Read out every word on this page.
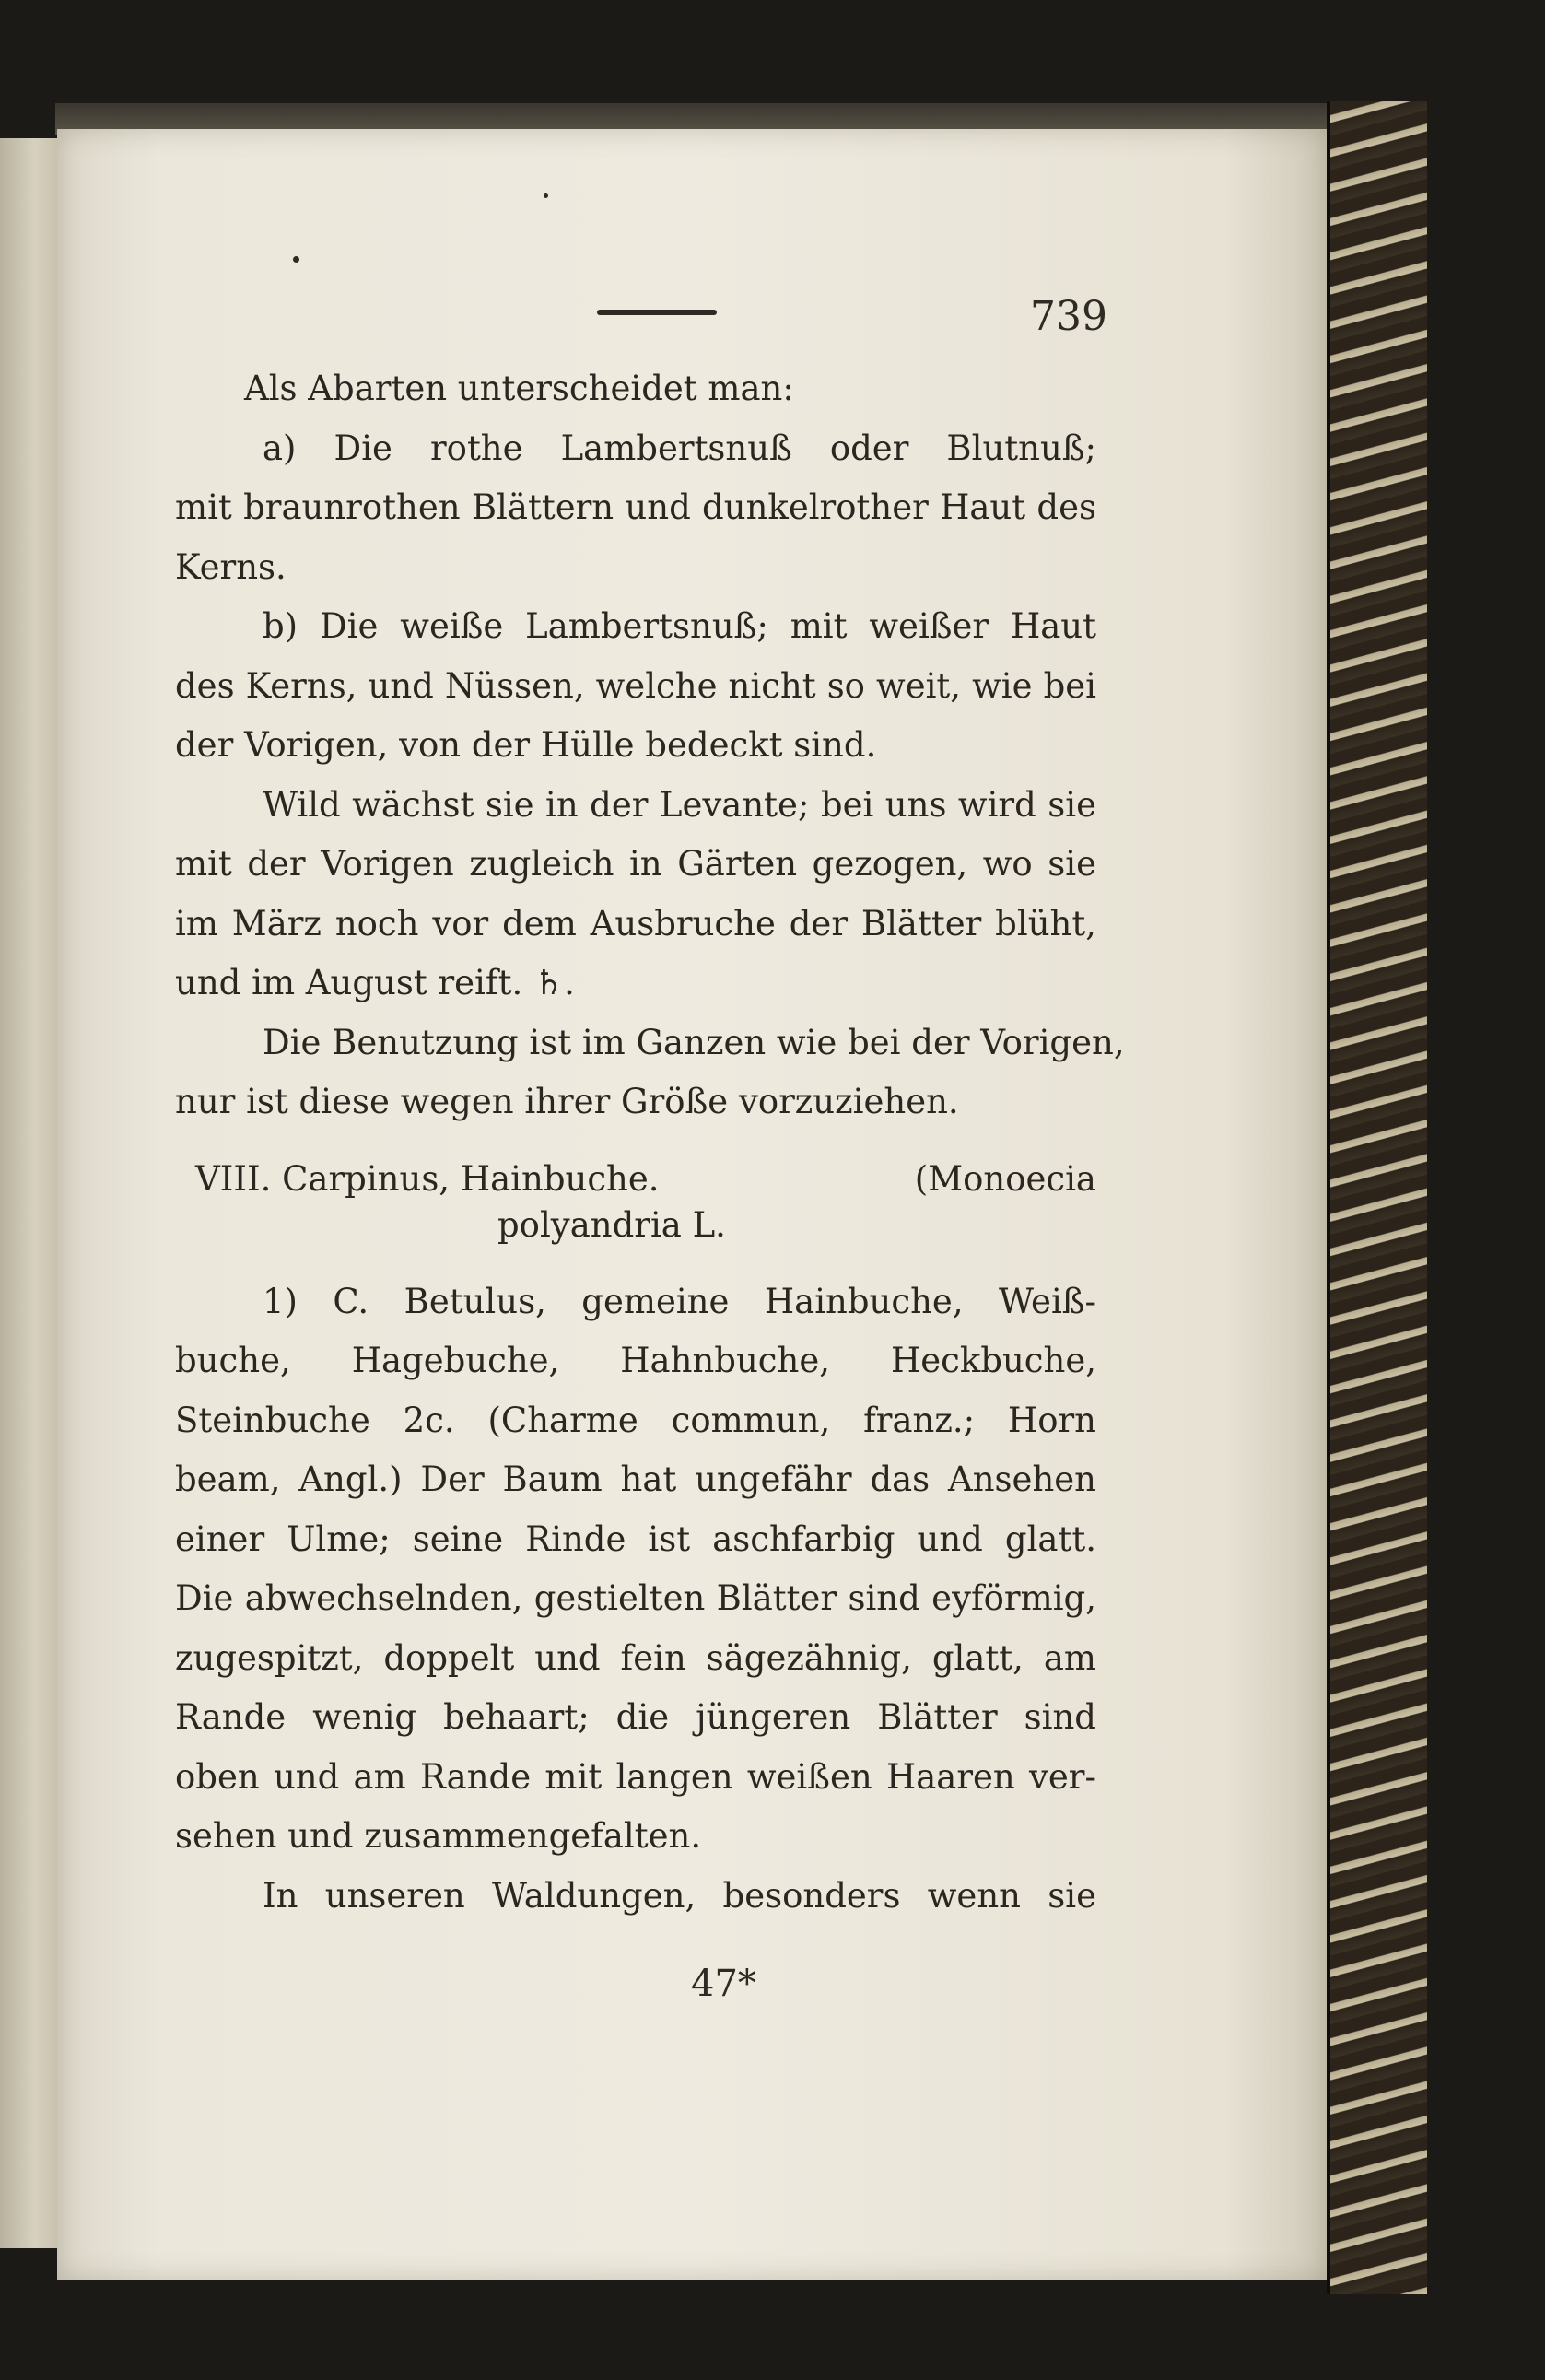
739
Als Abarten unterscheidet man:
a) Die rothe Lambertsnuß oder Blutnuß;
mit braunrothen Blättern und dunkelrother Haut des
Kerns.
b) Die weiße Lambertsnuß; mit weißer Haut
des Kerns, und Nüssen, welche nicht so weit, wie bei
der Vorigen, von der Hülle bedeckt sind.
Wild wächst sie in der Levante; bei uns wird sie
mit der Vorigen zugleich in Gärten gezogen, wo sie
im März noch vor dem Ausbruche der Blätter blüht,
und im August reift. ♄.
Die Benutzung ist im Ganzen wie bei der Vorigen,
nur ist diese wegen ihrer Größe vorzuziehen.
VIII. Carpinus, Hainbuche.	(Monoecia
polyandria L.
1) C. Betulus, gemeine Hainbuche, Weiß-
buche, Hagebuche, Hahnbuche, Heckbuche,
Steinbuche 2c. (Charme commun, franz.; Horn
beam, Angl.) Der Baum hat ungefähr das Ansehen
einer Ulme; seine Rinde ist aschfarbig und glatt.
Die abwechselnden, gestielten Blätter sind eyförmig,
zugespitzt, doppelt und fein sägezähnig, glatt, am
Rande wenig behaart; die jüngeren Blätter sind
oben und am Rande mit langen weißen Haaren ver-
sehen und zusammengefalten.
In unseren Waldungen, besonders wenn sie
47*
